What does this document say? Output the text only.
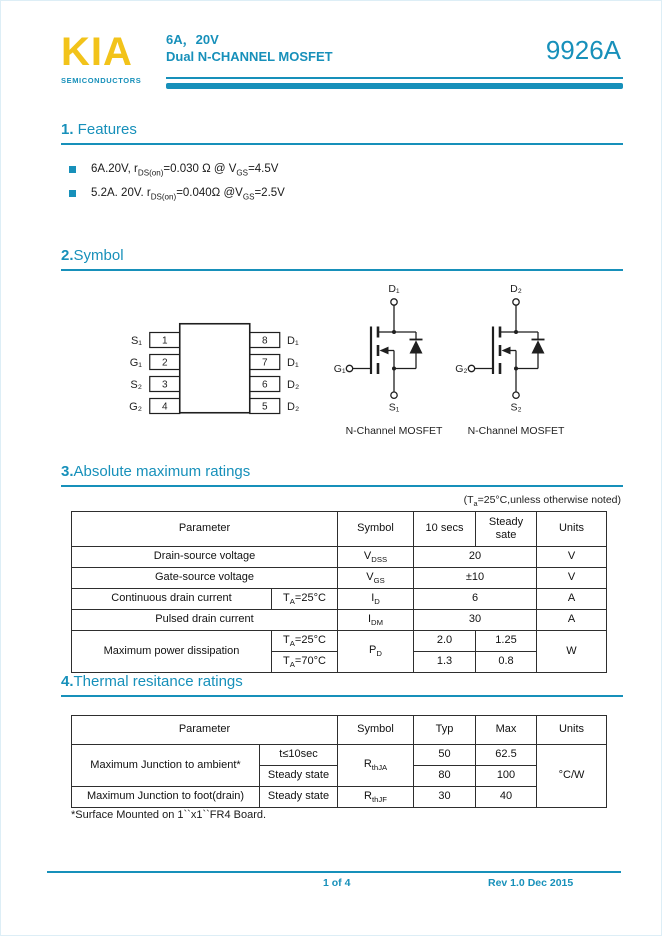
KIA
SEMICONDUCTORS
6A，20V
Dual N-CHANNEL MOSFET	9926A
1. Features
6A.20V, $r_{DS(on)}=0.030$ Ω @ $V_{GS}=4.5V$
5.2A. 20V. $r_{DS(on)}=0.040\Omega$ $@V_{GS}=2.5V$
2.Symbol
1
2
3
4
8
7
6
5
S₁
G₁
S₂
G₂
D₁
D₁
D₂
D₂
D₁
G₁
S₁
N-Channel MOSFET
D₂
G₂
S₂
N-Channel MOSFET
3.Absolute maximum ratings
($T_a=25^\circ C,unless$ otherwise noted)
Parameter		Symbol	10 secs	Steady sate	Units
Drain-source voltage		$V_{DSS}$	20		V
Gate-source voltage		$V_{GS}$	±10		V
Continuous drain current	$T_A=25^\circ C$	$I_D$	6		A
Pulsed drain current		$I_{DM}$	30		A
Maximum power dissipation	$T_A=25^\circ C$	$P_D$	2.0	1.25	W
	$T_A=70^\circ C$		1.3	0.8	
4.Thermal resitance ratings
Parameter		Symbol	Typ	Max	Units
Maximum Junction to ambient*	t≤10sec	$R_{thJA}$	50	62.5	°C/W
	Steady state		80	100	
Maximum Junction to foot(drain)	Steady state	$R_{thJF}$	30	40	
*Surface Mounted on 1``x1``FR4 Board.
1 of 4	Rev 1.0 Dec 2015
